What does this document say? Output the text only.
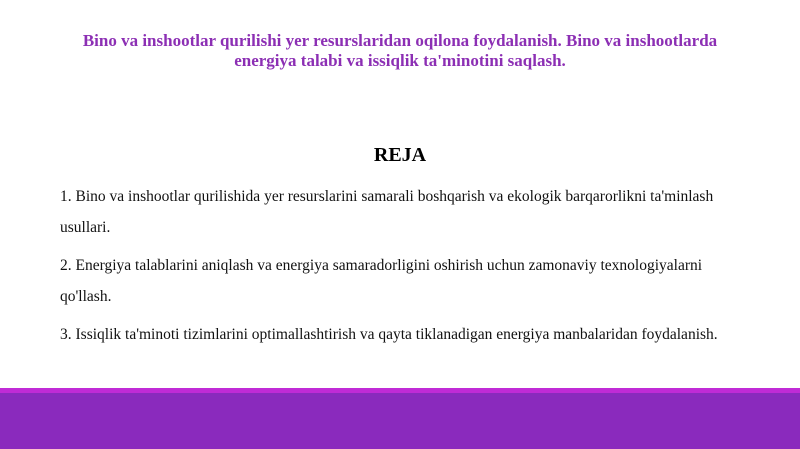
Bino va inshootlar qurilishi yer resurslaridan oqilona foydalanish. Bino va inshootlarda energiya talabi va issiqlik ta'minotini saqlash.
REJA
1. Bino va inshootlar qurilishida yer resurslarini samarali boshqarish va ekologik barqarorlikni ta'minlash usullari.
2. Energiya talablarini aniqlash va energiya samaradorligini oshirish uchun zamonaviy texnologiyalarni qo'llash.
3. Issiqlik ta'minoti tizimlarini optimallashtirish va qayta tiklanadigan energiya manbalaridan foydalanish.
